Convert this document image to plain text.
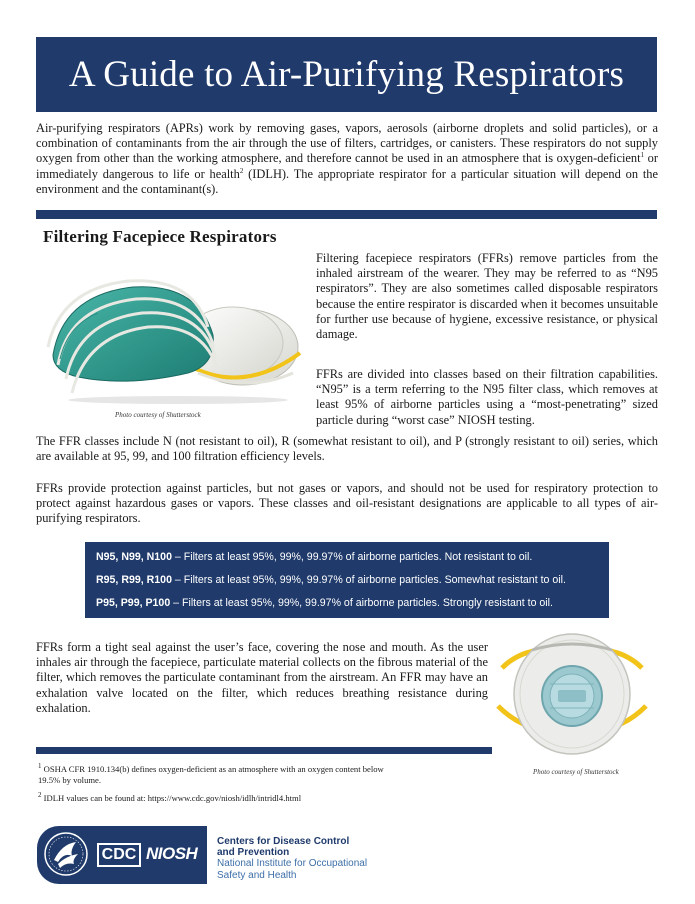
A Guide to Air-Purifying Respirators

Air-purifying respirators (APRs) work by removing gases, vapors, aerosols (airborne droplets and solid particles), or a combination of contaminants from the air through the use of filters, cartridges, or canisters. These respirators do not supply oxygen from other than the working atmosphere, and therefore cannot be used in an atmosphere that is oxygen-deficient$^1$ or immediately dangerous to life or health$^2$ (IDLH). The appropriate respirator for a particular situation will depend on the environment and the contaminant(s).

Filtering Facepiece Respirators
Photo courtesy of Shutterstock

Filtering facepiece respirators (FFRs) remove particles from the inhaled airstream of the wearer. They may be referred to as “N95 respirators”. They are also sometimes called disposable respirators because the entire respirator is discarded when it becomes unsuitable for further use because of hygiene, excessive resistance, or physical damage.

FFRs are divided into classes based on their filtration capabilities. “N95” is a term referring to the N95 filter class, which removes at least 95% of airborne particles using a “most-penetrating” sized particle during “worst case” NIOSH testing.

The FFR classes include N (not resistant to oil), R (somewhat resistant to oil), and P (strongly resistant to oil) series, which are available at 95, 99, and 100 filtration efficiency levels.

FFRs provide protection against particles, but not gases or vapors, and should not be used for respiratory protection to protect against hazardous gases or vapors. These classes and oil-resistant designations are applicable to all types of air-purifying respirators.

N95, N99, N100 – Filters at least 95%, 99%, 99.97% of airborne particles. Not resistant to oil.
R95, R99, R100 – Filters at least 95%, 99%, 99.97% of airborne particles. Somewhat resistant to oil.
P95, P99, P100 – Filters at least 95%, 99%, 99.97% of airborne particles. Strongly resistant to oil.

FFRs form a tight seal against the user’s face, covering the nose and mouth. As the user inhales air through the facepiece, particulate material collects on the fibrous material of the filter, which removes the particulate contaminant from the airstream. An FFR may have an exhalation valve located on the filter, which reduces breathing resistance during exhalation.

Photo courtesy of Shutterstock

$^1$ OSHA CFR 1910.134(b) defines oxygen-deficient as an atmosphere with an oxygen content below 19.5% by volume.

$^2$ IDLH values can be found at: https://www.cdc.gov/niosh/idlh/intridl4.html

CDC NIOSH
Centers for Disease Control
and Prevention
National Institute for Occupational
Safety and Health
